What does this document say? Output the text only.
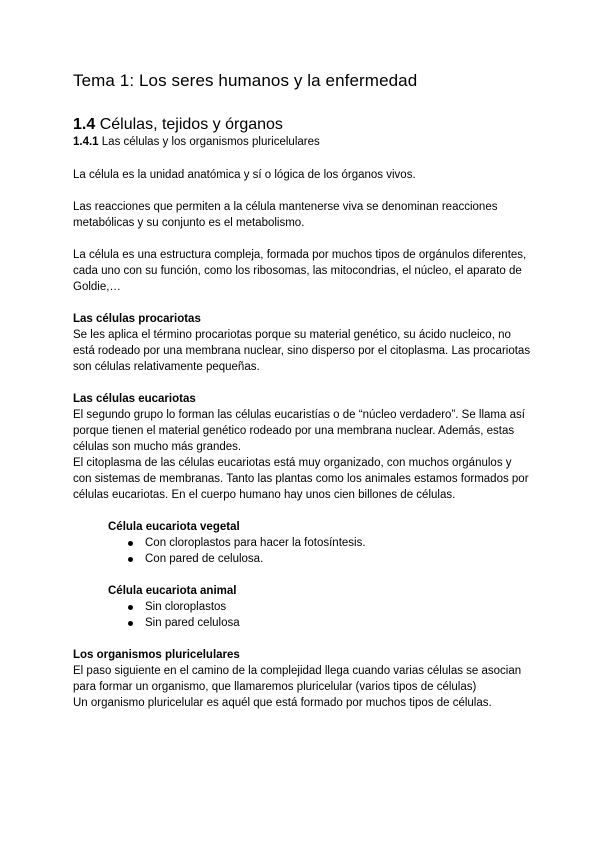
Tema 1: Los seres humanos y la enfermedad
1.4 Células, tejidos y órganos
1.4.1 Las células y los organismos pluricelulares

La célula es la unidad anatómica y sí o lógica de los órganos vivos.

Las reacciones que permiten a la célula mantenerse viva se denominan reacciones metabólicas y su conjunto es el metabolismo.

La célula es una estructura compleja, formada por muchos tipos de orgánulos diferentes, cada uno con su función, como los ribosomas, las mitocondrias, el núcleo, el aparato de Goldie,…

Las células procariotas

Se les aplica el término procariotas porque su material genético, su ácido nucleico, no está rodeado por una membrana nuclear, sino disperso por el citoplasma. Las procariotas son células relativamente pequeñas.

Las células eucariotas

El segundo grupo lo forman las células eucaristías o de “núcleo verdadero”. Se llama así porque tienen el material genético rodeado por una membrana nuclear. Además, estas células son mucho más grandes.

El citoplasma de las células eucariotas está muy organizado, con muchos orgánulos y con sistemas de membranas. Tanto las plantas como los animales estamos formados por células eucariotas. En el cuerpo humano hay unos cien billones de células.

Célula eucariota vegetal
Con cloroplastos para hacer la fotosíntesis.
Con pared de celulosa.
Célula eucariota animal
Sin cloroplastos
Sin pared celulosa
Los organismos pluricelulares

El paso siguiente en el camino de la complejidad llega cuando varias células se asocian para formar un organismo, que llamaremos pluricelular (varios tipos de células)

Un organismo pluricelular es aquél que está formado por muchos tipos de células.
